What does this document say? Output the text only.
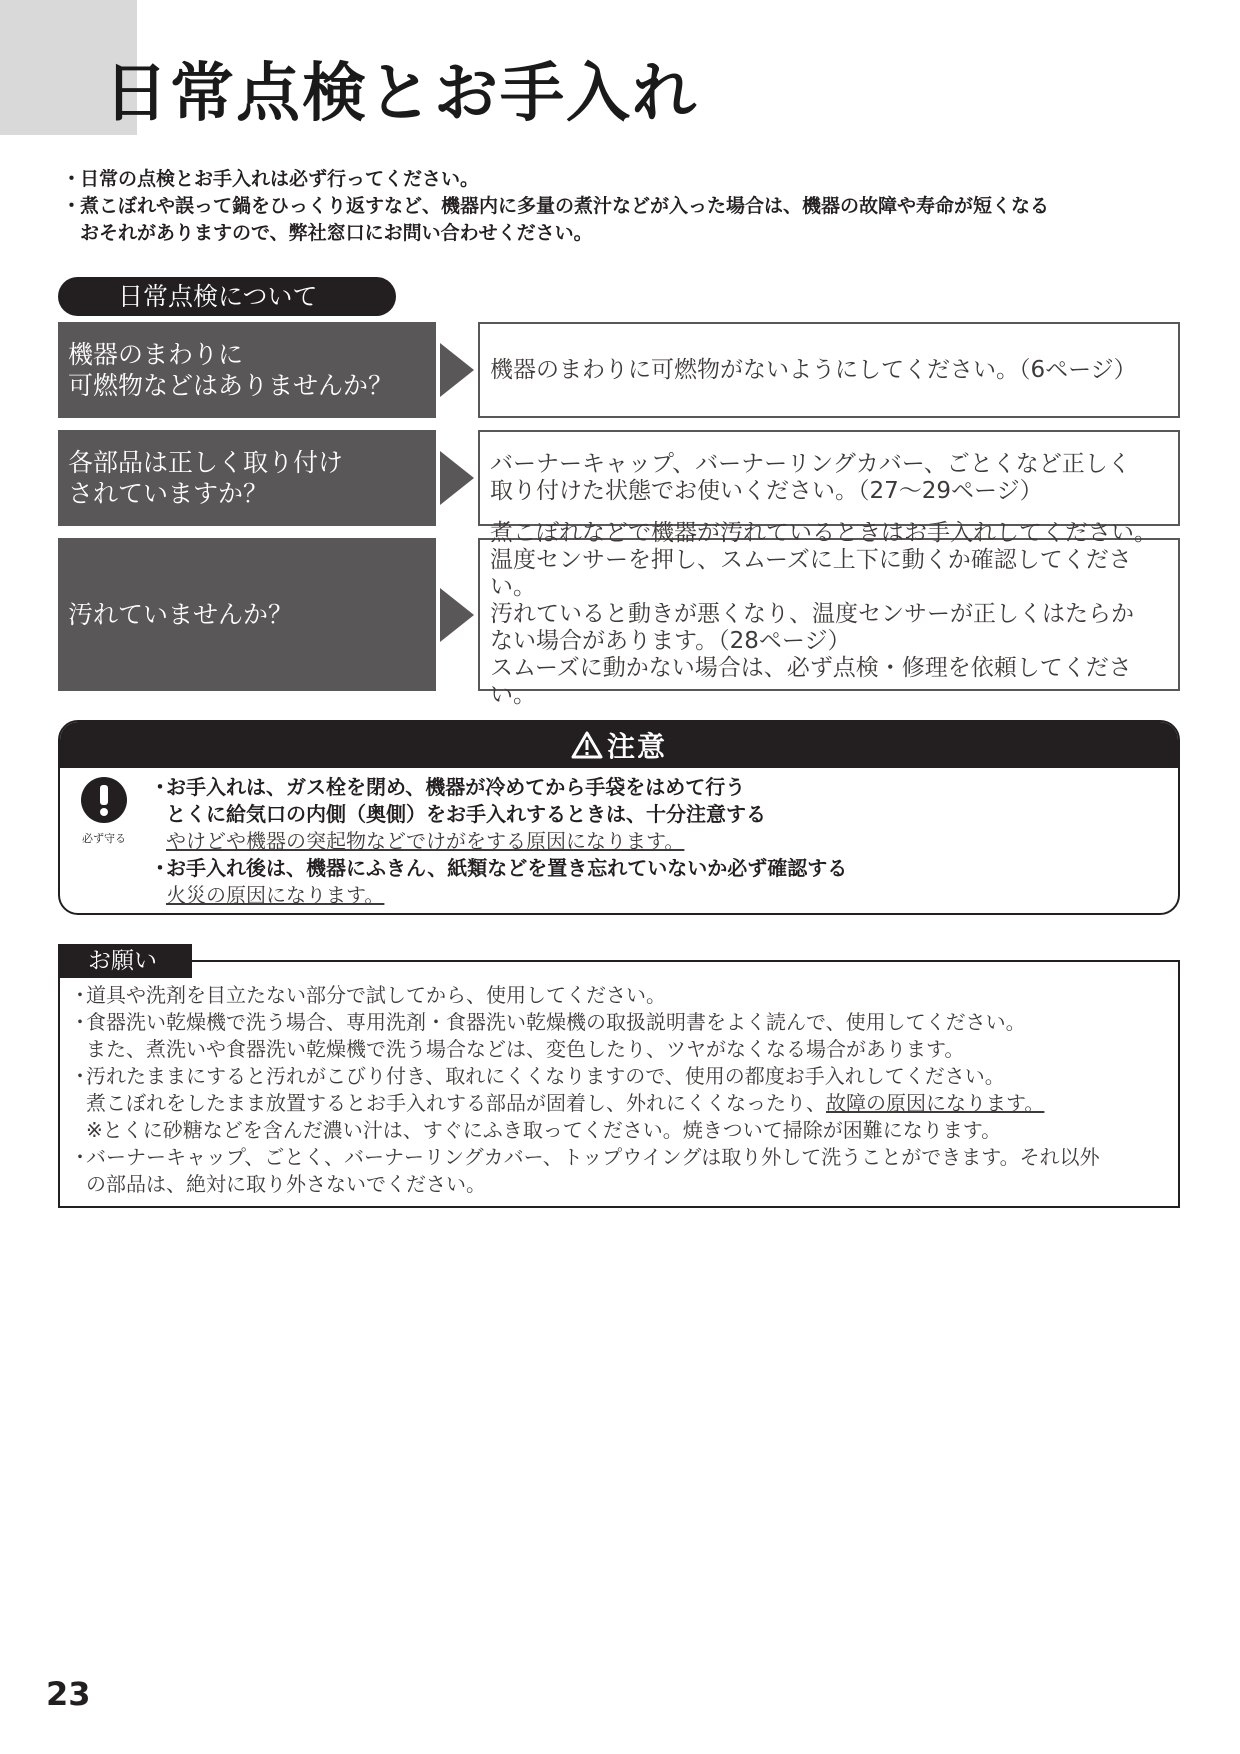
日常点検とお手入れ
・
日常の点検とお手入れは必ず行ってください。
・
煮こぼれや誤って鍋をひっくり返すなど、機器内に多量の煮汁などが入った場合は、機器の故障や寿命が短くなる
おそれがありますので、弊社窓口にお問い合わせください。
日常点検について
機器のまわりに
可燃物などはありませんか？
機器のまわりに可燃物がないようにしてください。（6ページ）
各部品は正しく取り付け
されていますか？
バーナーキャップ、バーナーリングカバー、ごとくなど正しく
取り付けた状態でお使いください。（27〜29ページ）
汚れていませんか？
煮こぼれなどで機器が汚れているときはお手入れしてください。
温度センサーを押し、スムーズに上下に動くか確認してください。
汚れていると動きが悪くなり、温度センサーが正しくはたらか
ない場合があります。（28ページ）
スムーズに動かない場合は、必ず点検・修理を依頼してください。
注意
必ず守る
・
お手入れは、ガス栓を閉め、機器が冷めてから手袋をはめて行う
とくに給気口の内側（奥側）をお手入れするときは、十分注意する
やけどや機器の突起物などでけがをする原因になります。
・
お手入れ後は、機器にふきん、紙類などを置き忘れていないか必ず確認する
火災の原因になります。
・
道具や洗剤を目立たない部分で試してから、使用してください。
・
食器洗い乾燥機で洗う場合、専用洗剤・食器洗い乾燥機の取扱説明書をよく読んで、使用してください。
また、煮洗いや食器洗い乾燥機で洗う場合などは、変色したり、ツヤがなくなる場合があります。
・
汚れたままにすると汚れがこびり付き、取れにくくなりますので、使用の都度お手入れしてください。
煮こぼれをしたまま放置するとお手入れする部品が固着し、外れにくくなったり、 故障の原因になります。
※とくに砂糖などを含んだ濃い汁は、すぐにふき取ってください。焼きついて掃除が困難になります。
・
バーナーキャップ、ごとく、バーナーリングカバー、トップウイングは取り外して洗うことができます。それ以外
の部品は、絶対に取り外さないでください。
お願い
23
